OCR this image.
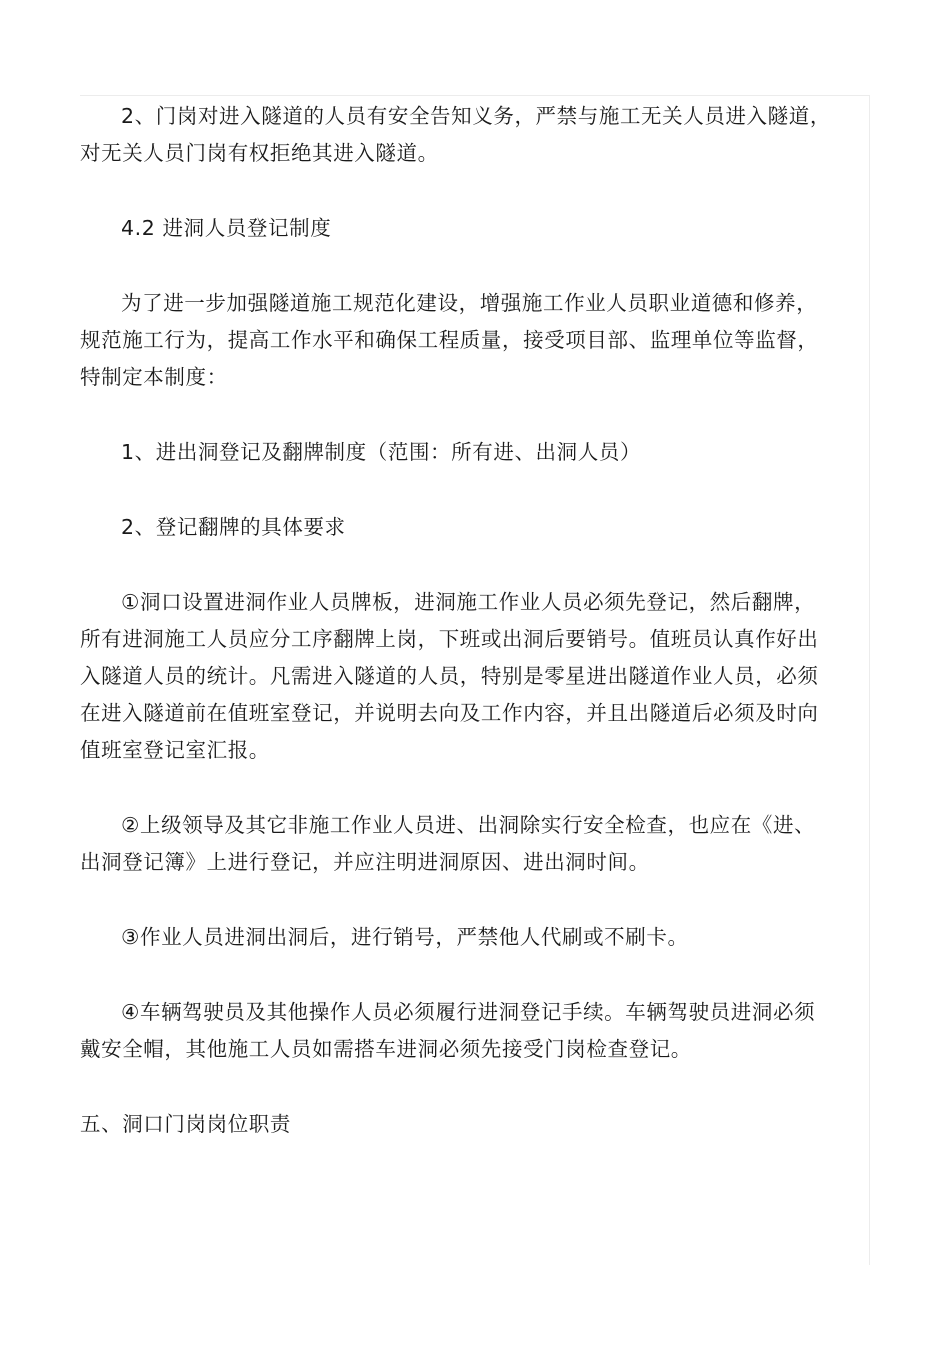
2、门岗对进入隧道的人员有安全告知义务，严禁与施工无关人员进入隧道，
对无关人员门岗有权拒绝其进入隧道。

4.2 进洞人员登记制度

为了进一步加强隧道施工规范化建设，增强施工作业人员职业道德和修养，
规范施工行为，提高工作水平和确保工程质量，接受项目部、监理单位等监督，
特制定本制度：

1、进出洞登记及翻牌制度（范围：所有进、出洞人员）

2、登记翻牌的具体要求

①洞口设置进洞作业人员牌板，进洞施工作业人员必须先登记，然后翻牌，
所有进洞施工人员应分工序翻牌上岗，下班或出洞后要销号。值班员认真作好出
入隧道人员的统计。凡需进入隧道的人员，特别是零星进出隧道作业人员，必须
在进入隧道前在值班室登记，并说明去向及工作内容，并且出隧道后必须及时向
值班室登记室汇报。

②上级领导及其它非施工作业人员进、出洞除实行安全检查，也应在《进、
出洞登记簿》上进行登记，并应注明进洞原因、进出洞时间。

③作业人员进洞出洞后，进行销号，严禁他人代刷或不刷卡。

④车辆驾驶员及其他操作人员必须履行进洞登记手续。车辆驾驶员进洞必须
戴安全帽，其他施工人员如需搭车进洞必须先接受门岗检查登记。

五、洞口门岗岗位职责
